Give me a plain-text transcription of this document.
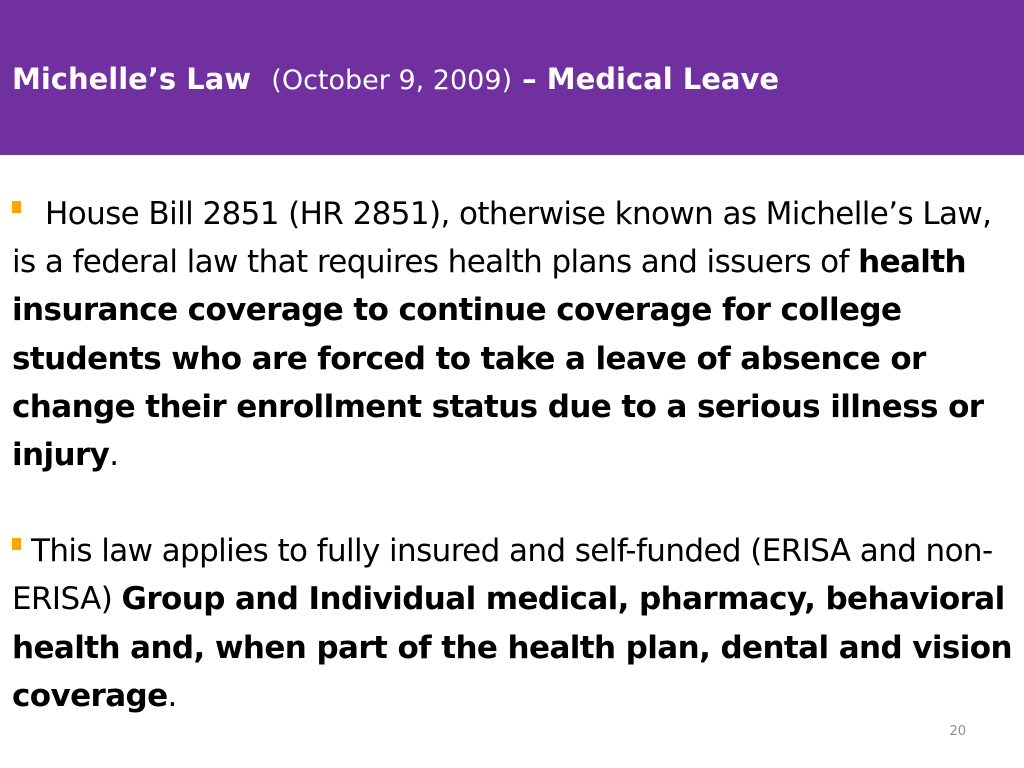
Michelle’s Law (October 9, 2009) – Medical Leave

House Bill 2851 (HR 2851), otherwise known as Michelle’s Law, is a federal law that requires health plans and issuers of health insurance coverage to continue coverage for college students who are forced to take a leave of absence or change their enrollment status due to a serious illness or injury.

This law applies to fully insured and self-funded (ERISA and non-ERISA) Group and Individual medical, pharmacy, behavioral health and, when part of the health plan, dental and vision coverage.

20
